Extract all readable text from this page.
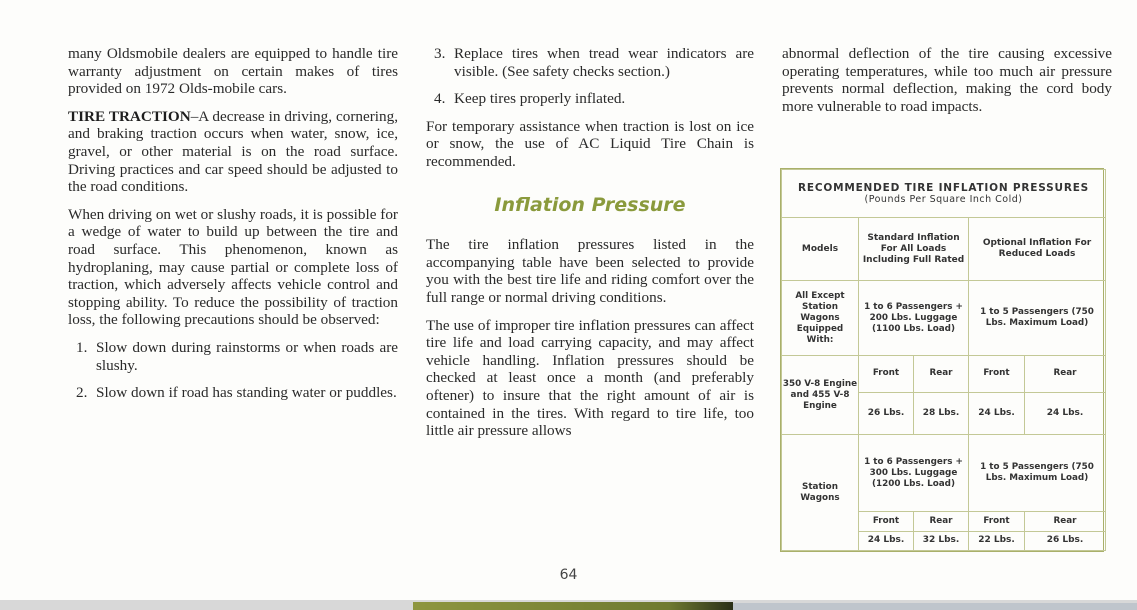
many Oldsmobile dealers are equipped to handle tire warranty adjustment on certain makes of tires provided on 1972 Olds-mobile cars.

TIRE TRACTION–A decrease in driving, cornering, and braking traction occurs when water, snow, ice, gravel, or other material is on the road surface. Driving practices and car speed should be adjusted to the road conditions.

When driving on wet or slushy roads, it is possible for a wedge of water to build up between the tire and road surface. This phenomenon, known as hydroplaning, may cause partial or complete loss of traction, which adversely affects vehicle control and stopping ability. To reduce the possibility of traction loss, the following precautions should be observed:

1. Slow down during rainstorms or when roads are slushy.
2. Slow down if road has standing water or puddles.
3. Replace tires when tread wear indicators are visible. (See safety checks section.)
4. Keep tires properly inflated.

For temporary assistance when traction is lost on ice or snow, the use of AC Liquid Tire Chain is recommended.

Inflation Pressure

The tire inflation pressures listed in the accompanying table have been selected to provide you with the best tire life and riding comfort over the full range or normal driving conditions.

The use of improper tire inflation pressures can affect tire life and load carrying capacity, and may affect vehicle handling. Inflation pressures should be checked at least once a month (and preferably oftener) to insure that the right amount of air is contained in the tires. With regard to tire life, too little air pressure allows

abnormal deflection of the tire causing excessive operating temperatures, while too much air pressure prevents normal deflection, making the cord body more vulnerable to road impacts.

RECOMMENDED TIRE INFLATION PRESSURES
(Pounds Per Square Inch Cold)				

Models	Standard Inflation For All Loads Including Full Rated		Optional Inflation For Reduced Loads	
All Except Station Wagons Equipped With:	1 to 6 Passengers + 200 Lbs. Luggage (1100 Lbs. Load)		1 to 5 Passengers (750 Lbs. Maximum Load)	
350 V-8 Engine and 455 V-8 Engine	Front	Rear	Front	Rear
	26 Lbs.	28 Lbs.	24 Lbs.	24 Lbs.
Station Wagons	1 to 6 Passengers + 300 Lbs. Luggage (1200 Lbs. Load)		1 to 5 Passengers (750 Lbs. Maximum Load)	
	Front	Rear	Front	Rear
	24 Lbs.	32 Lbs.	22 Lbs.	26 Lbs.
64
